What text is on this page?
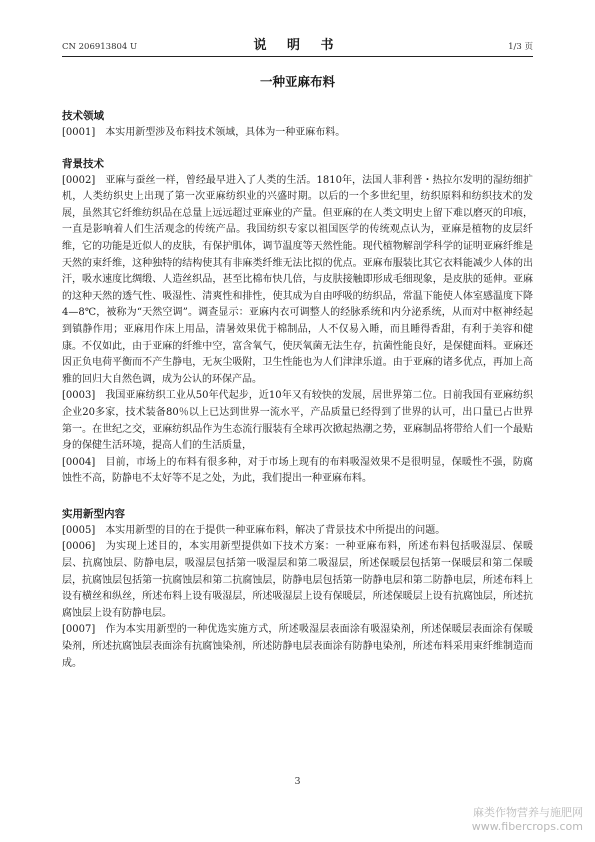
CN 206913804 U	说 明 书	1/3 页
一种亚麻布料
技术领域

[0001] 本实用新型涉及布料技术领域，具体为一种亚麻布料。

背景技术

[0002] 亚麻与蚕丝一样，曾经最早进入了人类的生活。1810年，法国人菲利普・热拉尔发明的湿纺细扩机，人类纺织史上出现了第一次亚麻纺织业的兴盛时期。以后的一个多世纪里，纺织原料和纺织技术的发展，虽然其它纤维纺织品在总量上远远超过亚麻业的产量。但亚麻的在人类文明史上留下难以磨灭的印痕，一直是影响着人们生活观念的传统产品。我国纺织专家以祖国医学的传统观点认为，亚麻是植物的皮层纤维，它的功能是近似人的皮肤，有保护肌体，调节温度等天然性能。现代植物解剖学科学的证明亚麻纤维是天然的束纤维，这种独特的结构使其有非麻类纤维无法比拟的优点。亚麻布服装比其它衣料能减少人体的出汗，吸水速度比绸缎、人造丝织品，甚至比棉布快几倍，与皮肤接触即形成毛细现象，是皮肤的延伸。亚麻的这种天然的透气性、吸湿性、清爽性和排性，使其成为自由呼吸的纺织品，常温下能使人体室感温度下降4—8℃，被称为“天然空调”。调查显示：亚麻内衣可调整人的经脉系统和内分泌系统，从而对中枢神经起到镇静作用；亚麻用作床上用品，清暑效果优于棉制品，人不仅易入睡，而且睡得香甜，有利于美容和健康。不仅如此，由于亚麻的纤维中空，富含氧气，使厌氧菌无法生存，抗菌性能良好，是保健面料。亚麻还因正负电荷平衡而不产生静电，无灰尘吸附，卫生性能也为人们津津乐道。由于亚麻的诸多优点，再加上高雅的回归大自然色调，成为公认的环保产品。

[0003] 我国亚麻纺织工业从50年代起步，近10年又有较快的发展，居世界第二位。日前我国有亚麻纺织企业20多家，技术装备80％以上已达到世界一流水平，产品质量已经得到了世界的认可，出口量已占世界第一。在世纪之交，亚麻纺织品作为生态流行服装有全球再次掀起热潮之势，亚麻制品将带给人们一个最贴身的保健生活环境，提高人们的生活质量，

[0004] 目前，市场上的布料有很多种，对于市场上现有的布料吸湿效果不是很明显，保暖性不强，防腐蚀性不高，防静电不太好等不足之处，为此，我们提出一种亚麻布料。

实用新型内容

[0005] 本实用新型的目的在于提供一种亚麻布料，解决了背景技术中所提出的问题。

[0006] 为实现上述目的，本实用新型提供如下技术方案：一种亚麻布料，所述布料包括吸湿层、保暖层、抗腐蚀层、防静电层，吸湿层包括第一吸湿层和第二吸湿层，所述保暖层包括第一保暖层和第二保暖层，抗腐蚀层包括第一抗腐蚀层和第二抗腐蚀层，防静电层包括第一防静电层和第二防静电层，所述布料上设有横丝和纵丝，所述布料上设有吸湿层，所述吸湿层上设有保暖层，所述保暖层上设有抗腐蚀层，所述抗腐蚀层上设有防静电层。

[0007] 作为本实用新型的一种优选实施方式，所述吸湿层表面涂有吸湿染剂，所述保暖层表面涂有保暖染剂，所述抗腐蚀层表面涂有抗腐蚀染剂，所述防静电层表面涂有防静电染剂，所述布料采用束纤维制造而成。

3
麻类作物营养与施肥网
www.fibercrops.com
